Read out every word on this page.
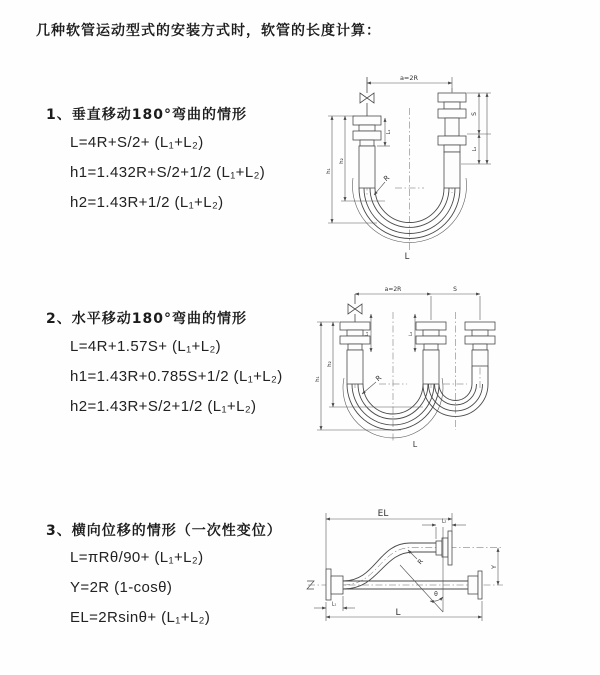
几种软管运动型式的安装方式时，软管的长度计算：
1、垂直移动180°弯曲的情形
L=4R+S/2+ (L₁+L₂)
h1=1.432R+S/2+1/2 (L₁+L₂)
h2=1.43R+1/2 (L₁+L₂)
a=2R
h₁
h₂
L₁
S
L₂
R
L
2、水平移动180°弯曲的情形
L=4R+1.57S+ (L₁+L₂)
h1=1.43R+0.785S+1/2 (L₁+L₂)
h2=1.43R+S/2+1/2 (L₁+L₂)
a=2R	S
h₁
h₂
L₁	L₂
R
L
3、横向位移的情形（一次性变位）
L=πRθ/90+ (L₁+L₂)
Y=2R (1-cosθ)
EL=2Rsinθ+ (L₁+L₂)
θ
EL
L₂
Y
L
L₁
R
